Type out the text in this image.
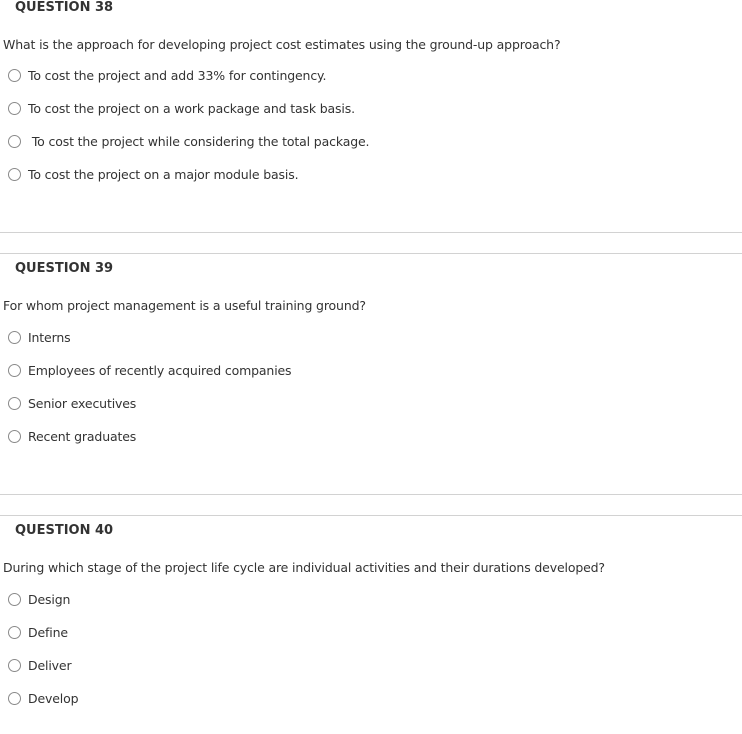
QUESTION 38
What is the approach for developing project cost estimates using the ground-up approach?
To cost the project and add 33% for contingency.
To cost the project on a work package and task basis.
To cost the project while considering the total package.
To cost the project on a major module basis.
QUESTION 39
For whom project management is a useful training ground?
Interns
Employees of recently acquired companies
Senior executives
Recent graduates
QUESTION 40
During which stage of the project life cycle are individual activities and their durations developed?
Design
Define
Deliver
Develop
